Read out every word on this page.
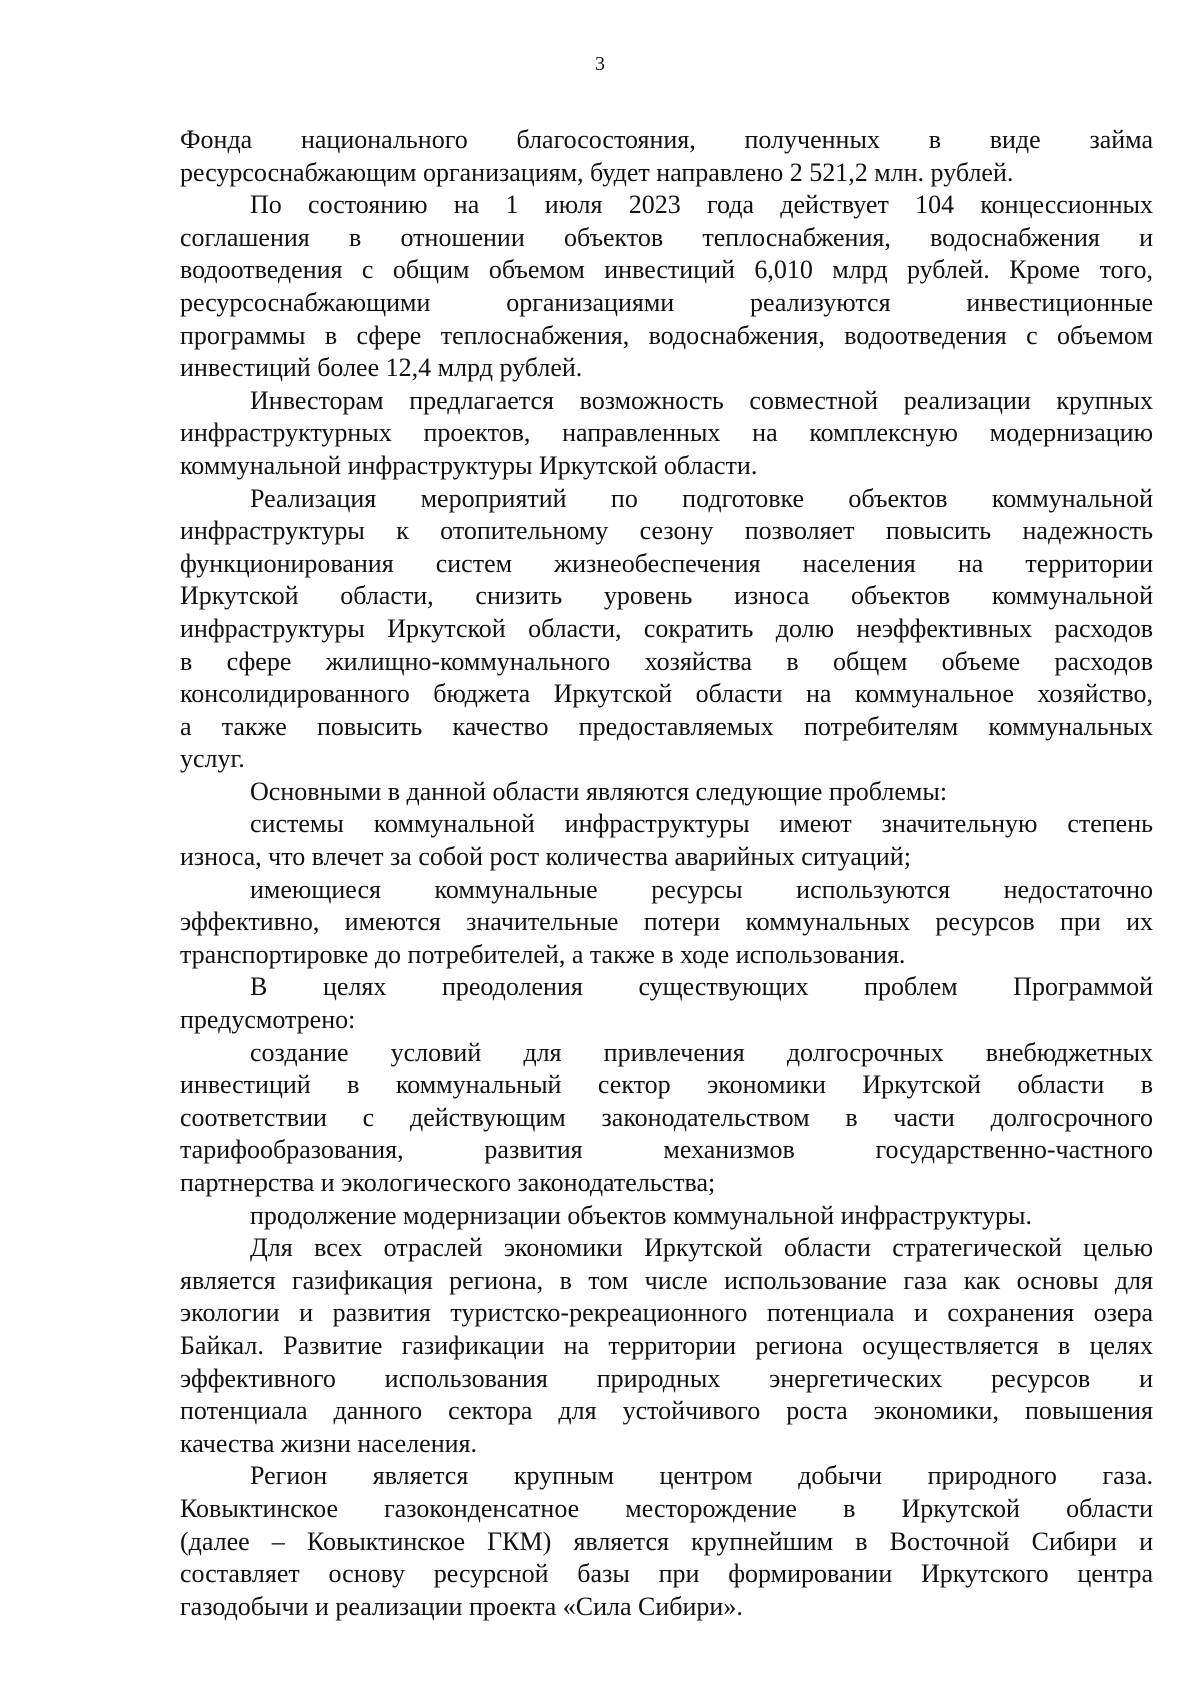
3
Фонда национального благосостояния, полученных в виде займа
ресурсоснабжающим организациям, будет направлено 2 521,2 млн. рублей.
По состоянию на 1 июля 2023 года действует 104 концессионных
соглашения в отношении объектов теплоснабжения, водоснабжения и
водоотведения с общим объемом инвестиций 6,010 млрд рублей. Кроме того,
ресурсоснабжающими организациями реализуются инвестиционные
программы в сфере теплоснабжения, водоснабжения, водоотведения с объемом
инвестиций более 12,4 млрд рублей.
Инвесторам предлагается возможность совместной реализации крупных
инфраструктурных проектов, направленных на комплексную модернизацию
коммунальной инфраструктуры Иркутской области.
Реализация мероприятий по подготовке объектов коммунальной
инфраструктуры к отопительному сезону позволяет повысить надежность
функционирования систем жизнеобеспечения населения на территории
Иркутской области, снизить уровень износа объектов коммунальной
инфраструктуры Иркутской области, сократить долю неэффективных расходов
в сфере жилищно-коммунального хозяйства в общем объеме расходов
консолидированного бюджета Иркутской области на коммунальное хозяйство,
а также повысить качество предоставляемых потребителям коммунальных
услуг.
Основными в данной области являются следующие проблемы:
системы коммунальной инфраструктуры имеют значительную степень
износа, что влечет за собой рост количества аварийных ситуаций;
имеющиеся коммунальные ресурсы используются недостаточно
эффективно, имеются значительные потери коммунальных ресурсов при их
транспортировке до потребителей, а также в ходе использования.
В целях преодоления существующих проблем Программой
предусмотрено:
создание условий для привлечения долгосрочных внебюджетных
инвестиций в коммунальный сектор экономики Иркутской области в
соответствии с действующим законодательством в части долгосрочного
тарифообразования, развития механизмов государственно-частного
партнерства и экологического законодательства;
продолжение модернизации объектов коммунальной инфраструктуры.
Для всех отраслей экономики Иркутской области стратегической целью
является газификация региона, в том числе использование газа как основы для
экологии и развития туристско-рекреационного потенциала и сохранения озера
Байкал. Развитие газификации на территории региона осуществляется в целях
эффективного использования природных энергетических ресурсов и
потенциала данного сектора для устойчивого роста экономики, повышения
качества жизни населения.
Регион является крупным центром добычи природного газа.
Ковыктинское газоконденсатное месторождение в Иркутской области
(далее – Ковыктинское ГКМ) является крупнейшим в Восточной Сибири и
составляет основу ресурсной базы при формировании Иркутского центра
газодобычи и реализации проекта «Сила Сибири».
